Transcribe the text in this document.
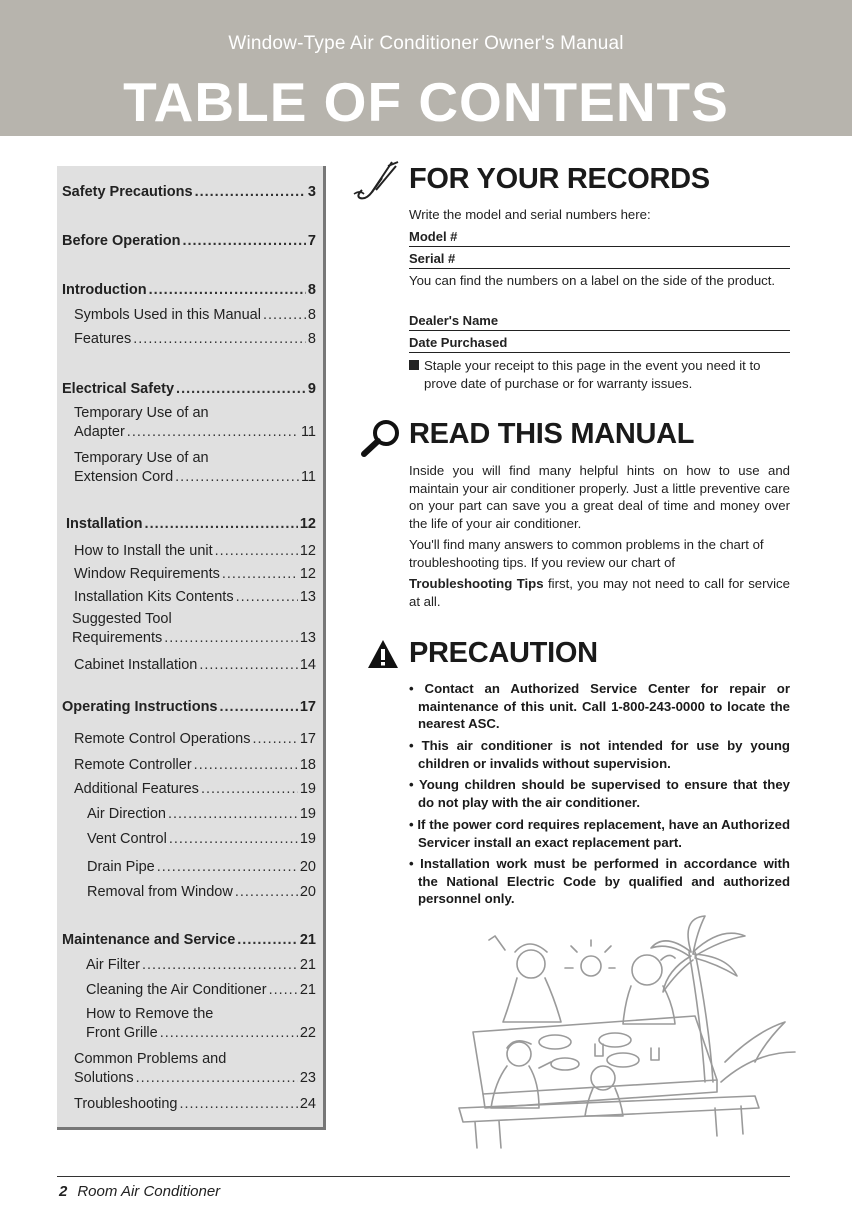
Window-Type Air Conditioner Owner's Manual
TABLE OF CONTENTS
Safety Precautions .....	3
Before Operation .....	7
Introduction .....	8
Symbols Used in this Manual .....	8
Features .....	8
Electrical Safety .....	9
Temporary Use of an
Adapter .....	11
Temporary Use of an
Extension Cord .....	11
Installation .....	12
How to Install the unit .....	12
Window Requirements .....	12
Installation Kits Contents .....	13
Suggested Tool
Requirements .....	13
Cabinet Installation .....	14
Operating Instructions .....	17
Remote Control Operations .....	17
Remote Controller .....	18
Additional Features .....	19
Air Direction .....	19
Vent Control .....	19
Drain Pipe .....	20
Removal from Window .....	20
Maintenance and Service .....	21
Air Filter .....	21
Cleaning the Air Conditioner ..... 21
How to Remove the
Front Grille .....	22
Common Problems and
Solutions .....	23
Troubleshooting .....	24
FOR YOUR RECORDS
Write the model and serial numbers here:
Model #
Serial #
You can find the numbers on a label on the side of the product.
Dealer's Name
Date Purchased
Staple your receipt to this page in the event you need it to prove date of purchase or for warranty issues.
READ THIS MANUAL
Inside you will find many helpful hints on how to use and maintain your air conditioner properly. Just a little preventive care on your part can save you a great deal of time and money over the life of your air conditioner.
You'll find many answers to common problems in the chart of troubleshooting tips. If you review our chart of
Troubleshooting Tips first, you may not need to call for service at all.
PRECAUTION
• Contact an Authorized Service Center for repair or maintenance of this unit. Call 1-800-243-0000 to locate the nearest ASC.
• This air conditioner is not intended for use by young children or invalids without supervision.
• Young children should be supervised to ensure that they do not play with the air conditioner.
• If the power cord requires replacement, have an Authorized Servicer install an exact replacement part.
• Installation work must be performed in accordance with the National Electric Code by qualified and authorized personnel only.
2 Room Air Conditioner
